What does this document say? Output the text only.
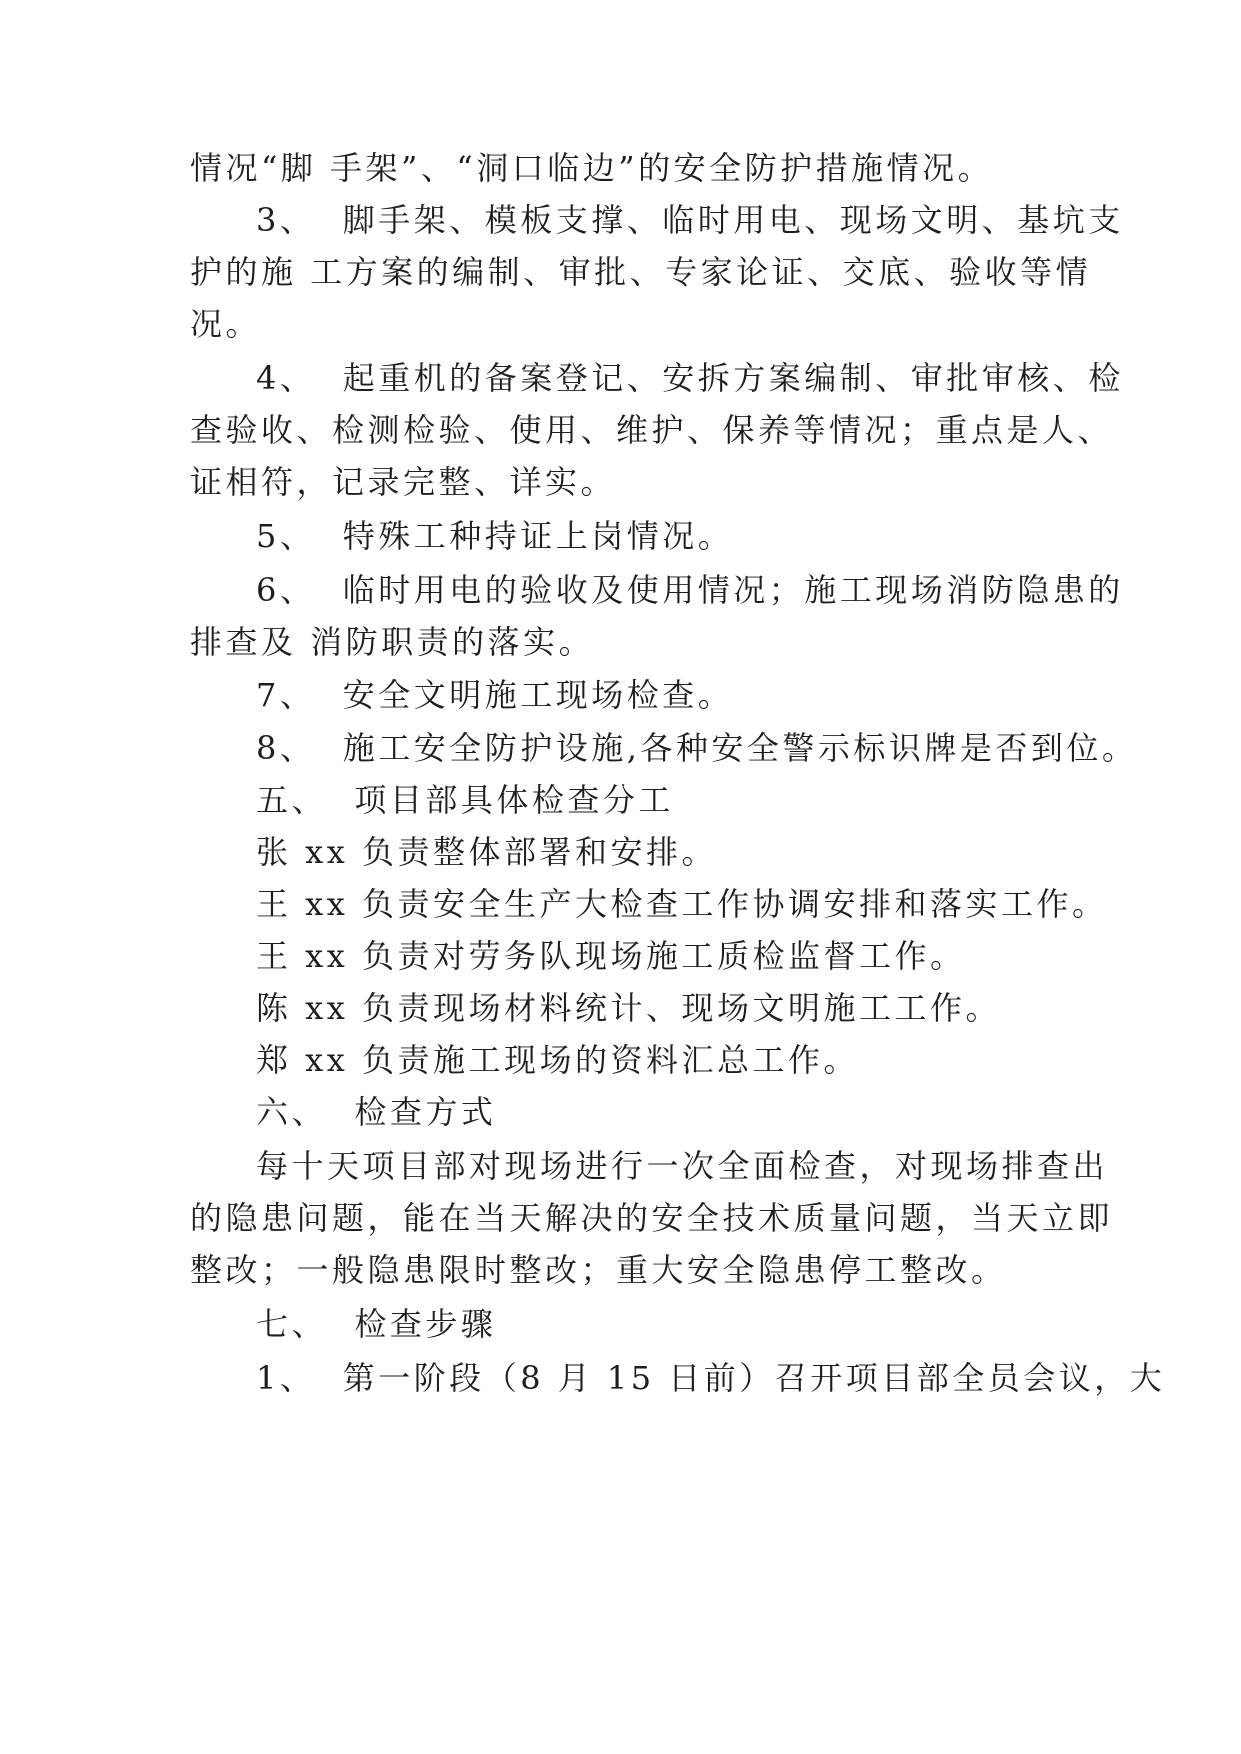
情况“脚 手架”、“洞口临边”的安全防护措施情况。
3、  脚手架、模板支撑、临时用电、现场文明、基坑支
护的施 工方案的编制、审批、专家论证、交底、验收等情
况。
4、  起重机的备案登记、安拆方案编制、审批审核、检
查验收、检测检验、使用、维护、保养等情况；重点是人、
证相符，记录完整、详实。
5、  特殊工种持证上岗情况。
6、  临时用电的验收及使用情况；施工现场消防隐患的
排查及 消防职责的落实。
7、  安全文明施工现场检查。
8、  施工安全防护设施,各种安全警示标识牌是否到位。
五、  项目部具体检查分工
张 xx 负责整体部署和安排。
王 xx 负责安全生产大检查工作协调安排和落实工作。
王 xx 负责对劳务队现场施工质检监督工作。
陈 xx 负责现场材料统计、现场文明施工工作。
郑 xx 负责施工现场的资料汇总工作。
六、  检查方式
每十天项目部对现场进行一次全面检查，对现场排查出
的隐患问题，能在当天解决的安全技术质量问题，当天立即
整改；一般隐患限时整改；重大安全隐患停工整改。
七、  检查步骤
1、  第一阶段（8 月 15 日前）召开项目部全员会议，大
